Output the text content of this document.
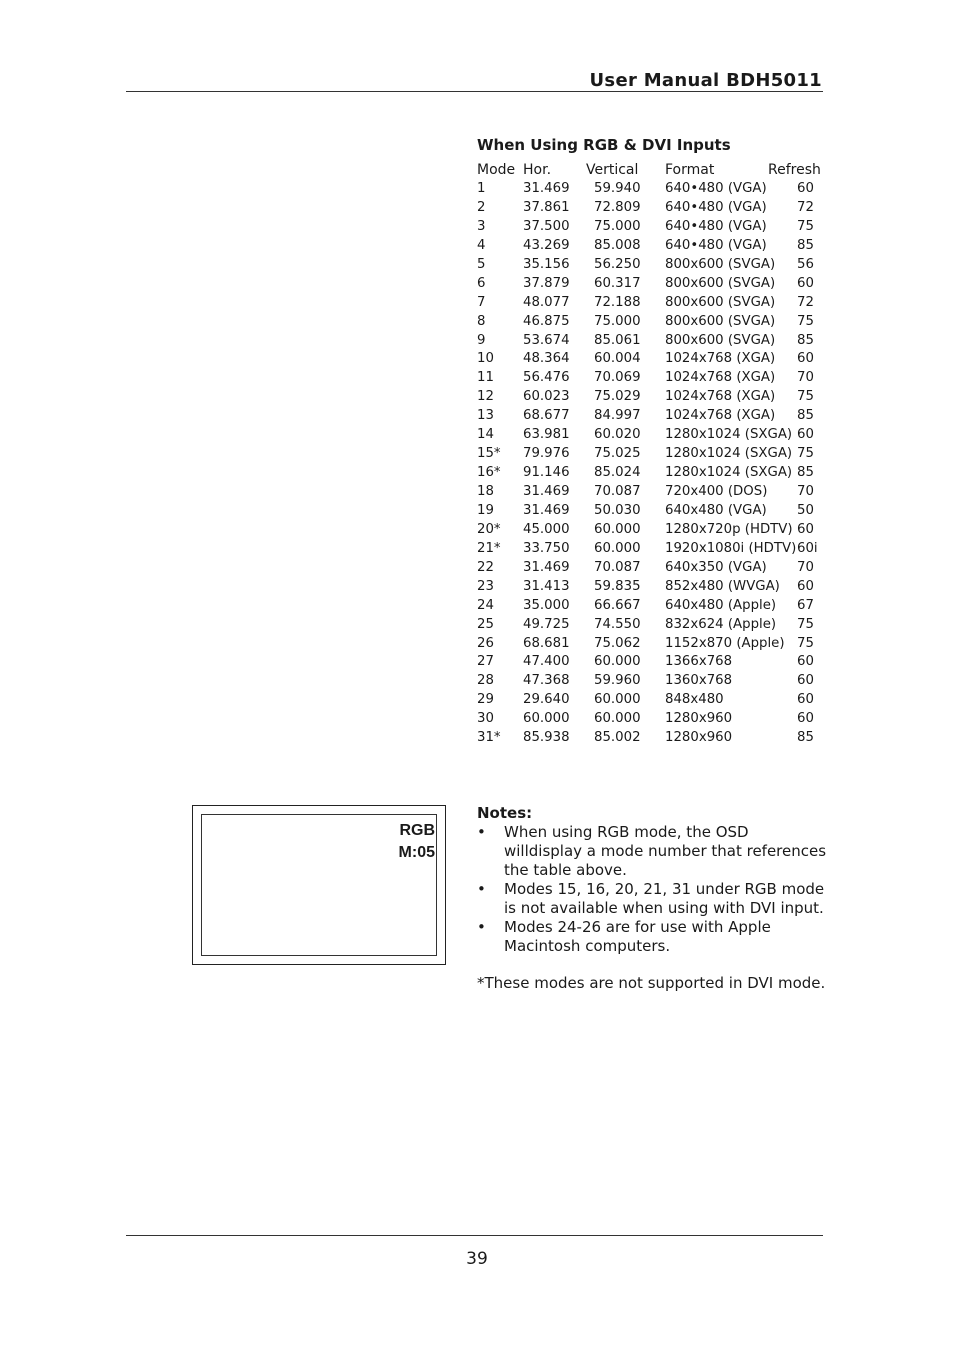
User Manual BDH5011
When Using RGB & DVI Inputs
Mode Hor. Vertical Format	Refresh
1	31.469 59.940 640•480 (VGA) 60
2	37.861 72.809 640•480 (VGA) 72
3	37.500 75.000 640•480 (VGA) 75
4	43.269 85.008 640•480 (VGA) 85
5	35.156 56.250 800x600 (SVGA) 56
6	37.879 60.317 800x600 (SVGA) 60
7	48.077 72.188 800x600 (SVGA) 72
8	46.875 75.000 800x600 (SVGA) 75
9	53.674 85.061 800x600 (SVGA) 85
10 48.364 60.004 1024x768 (XGA) 60
11 56.476 70.069 1024x768 (XGA) 70
12 60.023 75.029 1024x768 (XGA) 75
13 68.677 84.997 1024x768 (XGA) 85
14 63.981 60.020 1280x1024 (SXGA) 60
15* 79.976 75.025 1280x1024 (SXGA) 75
16* 91.146 85.024 1280x1024 (SXGA) 85
18 31.469 70.087 720x400 (DOS) 70
19 31.469 50.030 640x480 (VGA) 50
20* 45.000 60.000 1280x720p (HDTV) 60
21* 33.750 60.000 1920x1080i (HDTV) 60i
22 31.469 70.087 640x350 (VGA) 70
23 31.413 59.835 852x480 (WVGA) 60
24 35.000 66.667 640x480 (Apple) 67
25 49.725 74.550 832x624 (Apple) 75
26 68.681 75.062 1152x870 (Apple) 75
27 47.400 60.000 1366x768	60
28 47.368 59.960 1360x768	60
29 29.640 60.000 848x480	60
30 60.000 60.000 1280x960	60
31* 85.938 85.002 1280x960	85
RGB
M:05
Notes:
• When using RGB mode, the OSD willdisplay a mode number that references the table above.
• Modes 15, 16, 20, 21, 31 under RGB mode is not available when using with DVI input.
• Modes 24-26 are for use with Apple Macintosh computers.
*These modes are not supported in DVI mode.
39
